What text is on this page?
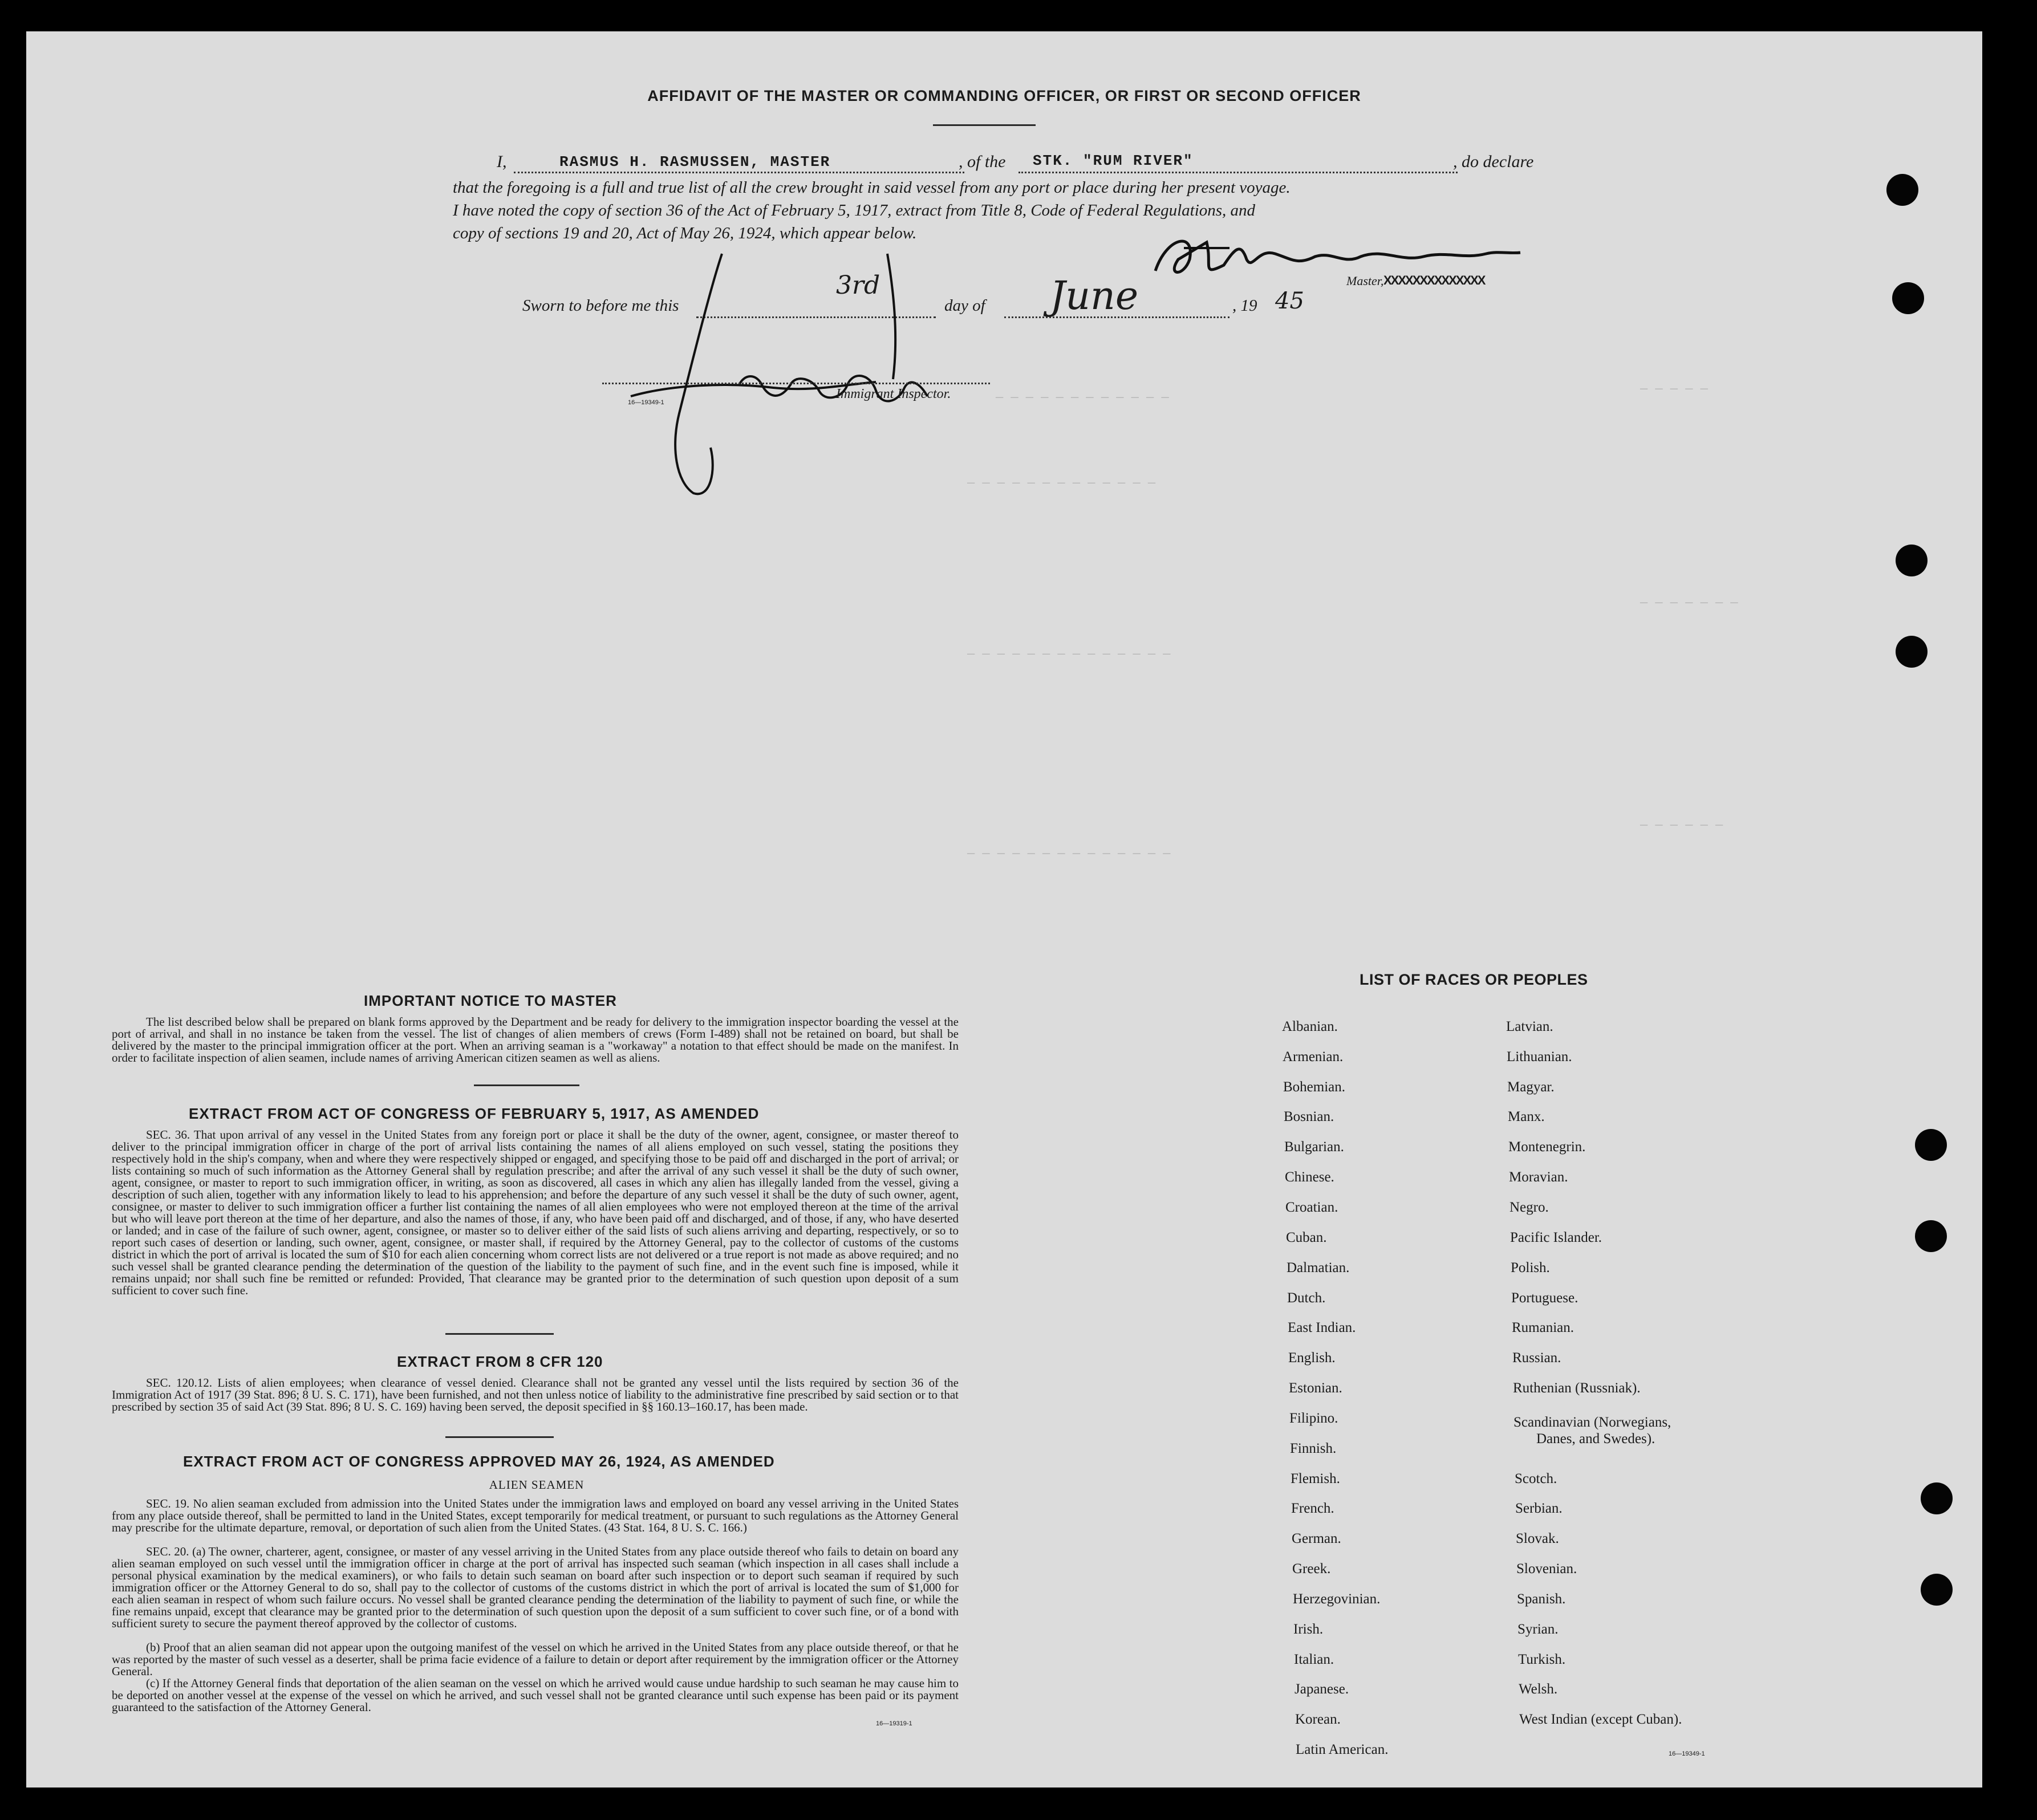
— — — — —
— — — — — — — — — — — —
— — — — — — — — — — — — —
— — — — — — —
— — — — — — — — — — — — — —
— — — — — —
— — — — — — — — — — — — — —
AFFIDAVIT OF THE MASTER OR COMMANDING OFFICER, OR FIRST OR SECOND OFFICER
I,	RASMUS H. RASMUSSEN, MASTER	, of the STK. "RUM RIVER"	, do declare
that the foregoing is a full and true list of all the crew brought in said vessel from any port or place during her present voyage.
I have noted the copy of section 36 of the Act of February 5, 1917, extract from Title 8, Code of Federal Regulations, and
copy of sections 19 and 20, Act of May 26, 1924, which appear below.
Master, XXXXXXXXXXXXXX
Sworn to before me this
3rd
day of June	, 19 45
Immigrant Inspector.
16—19349-1
IMPORTANT NOTICE TO MASTER
The list described below shall be prepared on blank forms approved by the Department and be ready for delivery to the immigration inspector boarding the vessel at the port of arrival, and shall in no instance be taken from the vessel. The list of changes of alien members of crews (Form I-489) shall not be retained on board, but shall be delivered by the master to the principal immigration officer at the port. When an arriving seaman is a "workaway" a notation to that effect should be made on the manifest. In order to facilitate inspection of alien seamen, include names of arriving American citizen seamen as well as aliens.
EXTRACT FROM ACT OF CONGRESS OF FEBRUARY 5, 1917, AS AMENDED
SEC. 36. That upon arrival of any vessel in the United States from any foreign port or place it shall be the duty of the owner, agent, consignee, or master thereof to deliver to the principal immigration officer in charge of the port of arrival lists containing the names of all aliens employed on such vessel, stating the positions they respectively hold in the ship's company, when and where they were respectively shipped or engaged, and specifying those to be paid off and discharged in the port of arrival; or lists containing so much of such information as the Attorney General shall by regulation prescribe; and after the arrival of any such vessel it shall be the duty of such owner, agent, consignee, or master to report to such immigration officer, in writing, as soon as discovered, all cases in which any alien has illegally landed from the vessel, giving a description of such alien, together with any information likely to lead to his apprehension; and before the departure of any such vessel it shall be the duty of such owner, agent, consignee, or master to deliver to such immigration officer a further list containing the names of all alien employees who were not employed thereon at the time of the arrival but who will leave port thereon at the time of her departure, and also the names of those, if any, who have been paid off and discharged, and of those, if any, who have deserted or landed; and in case of the failure of such owner, agent, consignee, or master so to deliver either of the said lists of such aliens arriving and departing, respectively, or so to report such cases of desertion or landing, such owner, agent, consignee, or master shall, if required by the Attorney General, pay to the collector of customs of the customs district in which the port of arrival is located the sum of $10 for each alien concerning whom correct lists are not delivered or a true report is not made as above required; and no such vessel shall be granted clearance pending the determination of the question of the liability to the payment of such fine, and in the event such fine is imposed, while it remains unpaid; nor shall such fine be remitted or refunded: Provided, That clearance may be granted prior to the determination of such question upon deposit of a sum sufficient to cover such fine.
EXTRACT FROM 8 CFR 120
SEC. 120.12. Lists of alien employees; when clearance of vessel denied. Clearance shall not be granted any vessel until the lists required by section 36 of the Immigration Act of 1917 (39 Stat. 896; 8 U. S. C. 171), have been furnished, and not then unless notice of liability to the administrative fine prescribed by said section or to that prescribed by section 35 of said Act (39 Stat. 896; 8 U. S. C. 169) having been served, the deposit specified in §§ 160.13–160.17, has been made.
EXTRACT FROM ACT OF CONGRESS APPROVED MAY 26, 1924, AS AMENDED
ALIEN SEAMEN
SEC. 19. No alien seaman excluded from admission into the United States under the immigration laws and employed on board any vessel arriving in the United States from any place outside thereof, shall be permitted to land in the United States, except temporarily for medical treatment, or pursuant to such regulations as the Attorney General may prescribe for the ultimate departure, removal, or deportation of such alien from the United States. (43 Stat. 164, 8 U. S. C. 166.)
SEC. 20. (a) The owner, charterer, agent, consignee, or master of any vessel arriving in the United States from any place outside thereof who fails to detain on board any alien seaman employed on such vessel until the immigration officer in charge at the port of arrival has inspected such seaman (which inspection in all cases shall include a personal physical examination by the medical examiners), or who fails to detain such seaman on board after such inspection or to deport such seaman if required by such immigration officer or the Attorney General to do so, shall pay to the collector of customs of the customs district in which the port of arrival is located the sum of $1,000 for each alien seaman in respect of whom such failure occurs. No vessel shall be granted clearance pending the determination of the liability to payment of such fine, or while the fine remains unpaid, except that clearance may be granted prior to the determination of such question upon the deposit of a sum sufficient to cover such fine, or of a bond with sufficient surety to secure the payment thereof approved by the collector of customs.
(b) Proof that an alien seaman did not appear upon the outgoing manifest of the vessel on which he arrived in the United States from any place outside thereof, or that he was reported by the master of such vessel as a deserter, shall be prima facie evidence of a failure to detain or deport after requirement by the immigration officer or the Attorney General.
(c) If the Attorney General finds that deportation of the alien seaman on the vessel on which he arrived would cause undue hardship to such seaman he may cause him to be deported on another vessel at the expense of the vessel on which he arrived, and such vessel shall not be granted clearance until such expense has been paid or its payment guaranteed to the satisfaction of the Attorney General.
16—19319-1
LIST OF RACES OR PEOPLES
Albanian.
Armenian.
Bohemian.
Bosnian.
Bulgarian.
Chinese.
Croatian.
Cuban.
Dalmatian.
Dutch.
East Indian.
English.
Estonian.
Filipino.
Finnish.
Flemish.
French.
German.
Greek.
Herzegovinian.
Irish.
Italian.
Japanese.
Korean.
Latin American.
Latvian.
Lithuanian.
Magyar.
Manx.
Montenegrin.
Moravian.
Negro.
Pacific Islander.
Polish.
Portuguese.
Rumanian.
Russian.
Ruthenian (Russniak).
Scandinavian (Norwegians,
Danes, and Swedes).
Scotch.
Serbian.
Slovak.
Slovenian.
Spanish.
Syrian.
Turkish.
Welsh.
West Indian (except Cuban).
16—19349-1
